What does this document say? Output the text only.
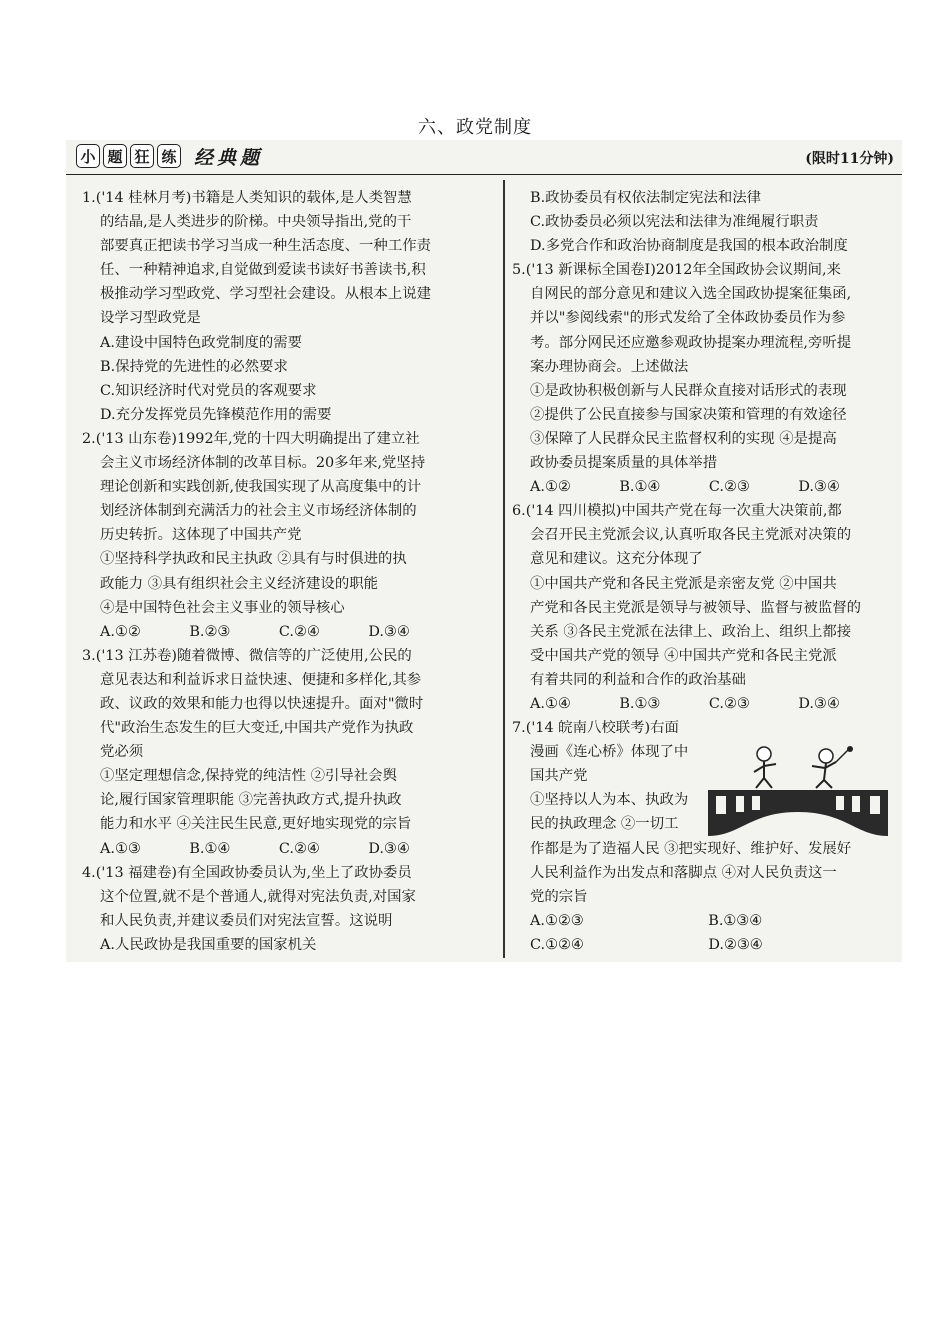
六、政党制度
小 题 狂 练 经典题	(限时11分钟)
1.('14 桂林月考)书籍是人类知识的载体,是人类智慧
的结晶,是人类进步的阶梯。中央领导指出,党的干
部要真正把读书学习当成一种生活态度、一种工作责
任、一种精神追求,自觉做到爱读书读好书善读书,积
极推动学习型政党、学习型社会建设。从根本上说建
设学习型政党是
A.建设中国特色政党制度的需要
B.保持党的先进性的必然要求
C.知识经济时代对党员的客观要求
D.充分发挥党员先锋模范作用的需要
2.('13 山东卷)1992年,党的十四大明确提出了建立社
会主义市场经济体制的改革目标。20多年来,党坚持
理论创新和实践创新,使我国实现了从高度集中的计
划经济体制到充满活力的社会主义市场经济体制的
历史转折。这体现了中国共产党
①坚持科学执政和民主执政 ②具有与时俱进的执
政能力 ③具有组织社会主义经济建设的职能
④是中国特色社会主义事业的领导核心
A.①② B.②③ C.②④ D.③④
3.('13 江苏卷)随着微博、微信等的广泛使用,公民的
意见表达和利益诉求日益快速、便捷和多样化,其参
政、议政的效果和能力也得以快速提升。面对"微时
代"政治生态发生的巨大变迁,中国共产党作为执政
党必须
①坚定理想信念,保持党的纯洁性 ②引导社会舆
论,履行国家管理职能 ③完善执政方式,提升执政
能力和水平 ④关注民生民意,更好地实现党的宗旨
A.①③ B.①④ C.②④ D.③④
4.('13 福建卷)有全国政协委员认为,坐上了政协委员
这个位置,就不是个普通人,就得对宪法负责,对国家
和人民负责,并建议委员们对宪法宣誓。这说明
A.人民政协是我国重要的国家机关
B.政协委员有权依法制定宪法和法律
C.政协委员必须以宪法和法律为准绳履行职责
D.多党合作和政治协商制度是我国的根本政治制度
5.('13 新课标全国卷Ⅰ)2012年全国政协会议期间,来
自网民的部分意见和建议入选全国政协提案征集函,
并以"参阅线索"的形式发给了全体政协委员作为参
考。部分网民还应邀参观政协提案办理流程,旁听提
案办理协商会。上述做法
①是政协积极创新与人民群众直接对话形式的表现
②提供了公民直接参与国家决策和管理的有效途径
③保障了人民群众民主监督权利的实现 ④是提高
政协委员提案质量的具体举措
A.①② B.①④ C.②③ D.③④
6.('14 四川模拟)中国共产党在每一次重大决策前,都
会召开民主党派会议,认真听取各民主党派对决策的
意见和建议。这充分体现了
①中国共产党和各民主党派是亲密友党 ②中国共
产党和各民主党派是领导与被领导、监督与被监督的
关系 ③各民主党派在法律上、政治上、组织上都接
受中国共产党的领导 ④中国共产党和各民主党派
有着共同的利益和合作的政治基础
A.①④ B.①③ C.②③ D.③④
7.('14 皖南八校联考)右面
漫画《连心桥》体现了中
国共产党
①坚持以人为本、执政为
民的执政理念 ②一切工
作都是为了造福人民 ③把实现好、维护好、发展好
人民利益作为出发点和落脚点 ④对人民负责这一
党的宗旨
A.①②③ B.①③④
C.①②④ D.②③④
